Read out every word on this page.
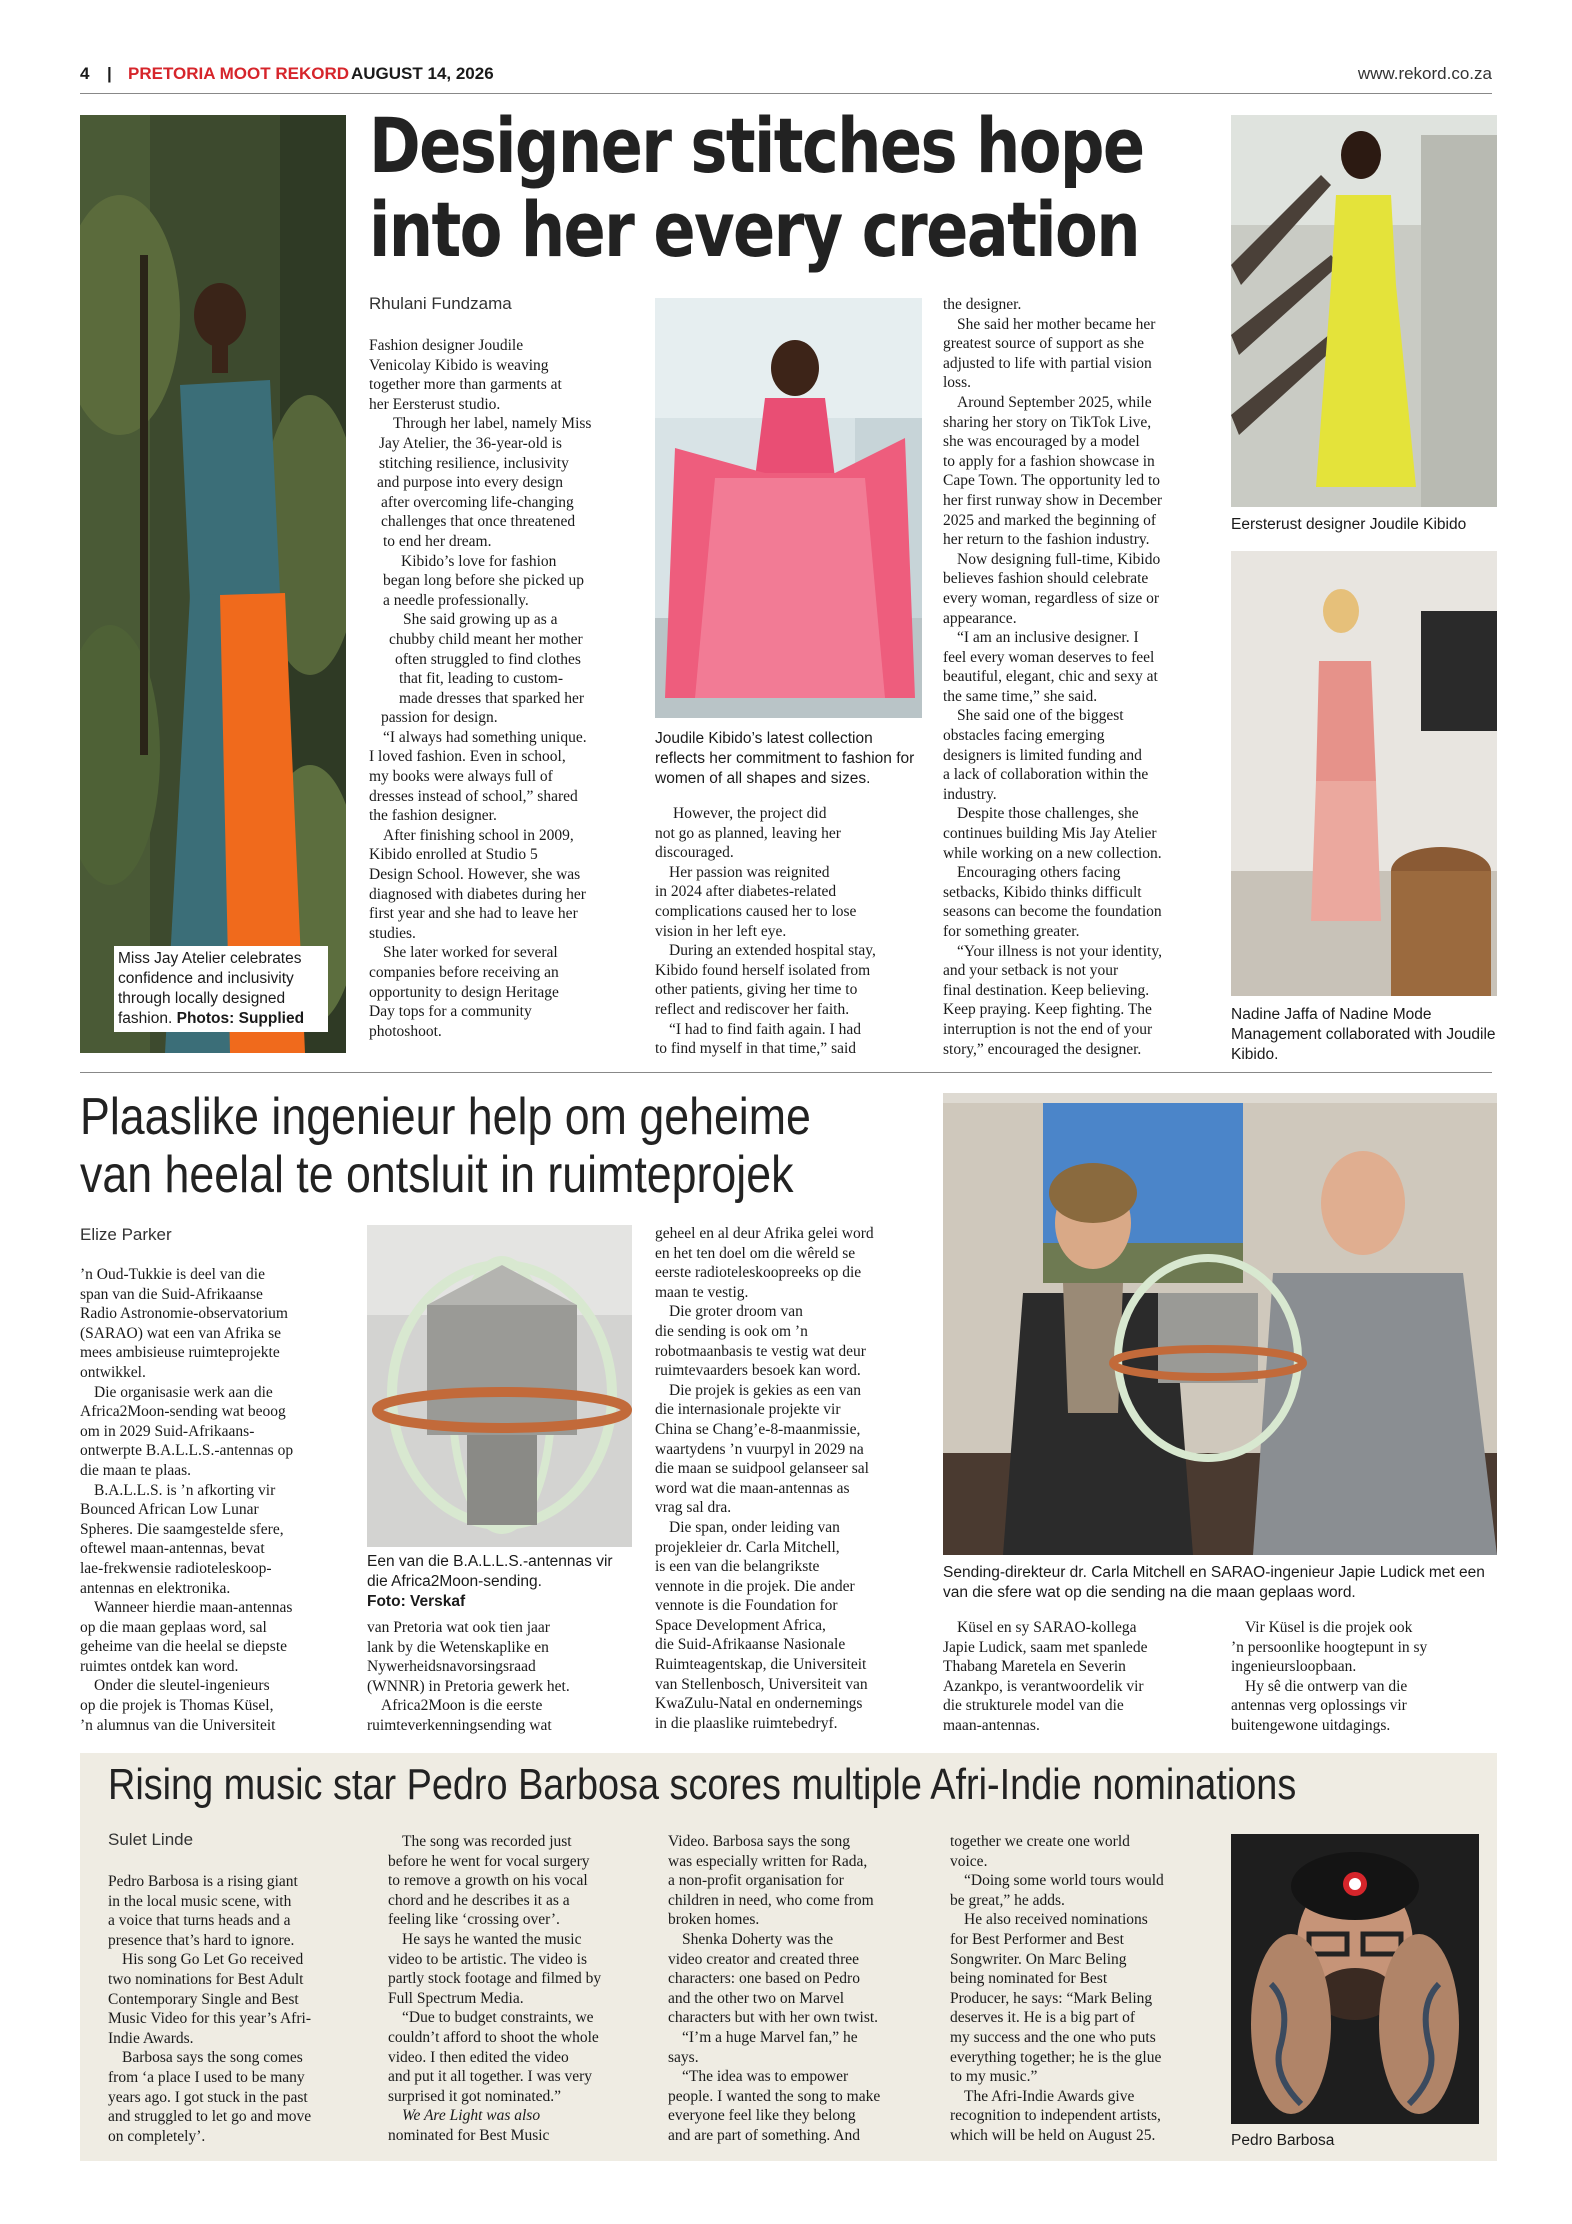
4 | PRETORIA MOOT REKORD AUGUST 14, 2026	www.rekord.co.za
Miss Jay Atelier celebrates confidence and inclusivity through locally designed fashion. Photos: Supplied
Designer stitches hope
into her every creation
Rhulani Fundzama
Fashion designer Joudile
Venicolay Kibido is weaving
together more than garments at
her Eersterust studio.
Through her label, namely Miss
Jay Atelier, the 36-year-old is
stitching resilience, inclusivity
and purpose into every design
after overcoming life-changing
challenges that once threatened
to end her dream.
Kibido’s love for fashion
began long before she picked up
a needle professionally.
She said growing up as a
chubby child meant her mother
often struggled to find clothes
that fit, leading to custom-
made dresses that sparked her
passion for design.
“I always had something unique.
I loved fashion. Even in school,
my books were always full of
dresses instead of school,” shared
the fashion designer.
After finishing school in 2009,
Kibido enrolled at Studio 5
Design School. However, she was
diagnosed with diabetes during her
first year and she had to leave her
studies.
She later worked for several
companies before receiving an
opportunity to design Heritage
Day tops for a community
photoshoot.
Joudile Kibido’s latest collection reflects her commitment to fashion for women of all shapes and sizes.
However, the project did
not go as planned, leaving her
discouraged.
Her passion was reignited
in 2024 after diabetes-related
complications caused her to lose
vision in her left eye.
During an extended hospital stay,
Kibido found herself isolated from
other patients, giving her time to
reflect and rediscover her faith.
“I had to find faith again. I had
to find myself in that time,” said
the designer.
She said her mother became her
greatest source of support as she
adjusted to life with partial vision
loss.
Around September 2025, while
sharing her story on TikTok Live,
she was encouraged by a model
to apply for a fashion showcase in
Cape Town. The opportunity led to
her first runway show in December
2025 and marked the beginning of
her return to the fashion industry.
Now designing full-time, Kibido
believes fashion should celebrate
every woman, regardless of size or
appearance.
“I am an inclusive designer. I
feel every woman deserves to feel
beautiful, elegant, chic and sexy at
the same time,” she said.
She said one of the biggest
obstacles facing emerging
designers is limited funding and
a lack of collaboration within the
industry.
Despite those challenges, she
continues building Mis Jay Atelier
while working on a new collection.
Encouraging others facing
setbacks, Kibido thinks difficult
seasons can become the foundation
for something greater.
“Your illness is not your identity,
and your setback is not your
final destination. Keep believing.
Keep praying. Keep fighting. The
interruption is not the end of your
story,” encouraged the designer.
Eersterust designer Joudile Kibido
Nadine Jaffa of Nadine Mode Management collaborated with Joudile Kibido.
Plaaslike ingenieur help om geheime
van heelal te ontsluit in ruimteprojek
Elize Parker
’n Oud-Tukkie is deel van die
span van die Suid-Afrikaanse
Radio Astronomie-observatorium
(SARAO) wat een van Afrika se
mees ambisieuse ruimteprojekte
ontwikkel.
Die organisasie werk aan die
Africa2Moon-sending wat beoog
om in 2029 Suid-Afrikaans-
ontwerpte B.A.L.L.S.-antennas op
die maan te plaas.
B.A.L.L.S. is ’n afkorting vir
Bounced African Low Lunar
Spheres. Die saamgestelde sfere,
oftewel maan-antennas, bevat
lae-frekwensie radioteleskoop-
antennas en elektronika.
Wanneer hierdie maan-antennas
op die maan geplaas word, sal
geheime van die heelal se diepste
ruimtes ontdek kan word.
Onder die sleutel-ingenieurs
op die projek is Thomas Küsel,
’n alumnus van die Universiteit
Een van die B.A.L.L.S.-antennas vir die Africa2Moon-sending.
Foto: Verskaf
van Pretoria wat ook tien jaar
lank by die Wetenskaplike en
Nywerheidsnavorsingsraad
(WNNR) in Pretoria gewerk het.
Africa2Moon is die eerste
ruimteverkenningsending wat
geheel en al deur Afrika gelei word
en het ten doel om die wêreld se
eerste radioteleskoopreeks op die
maan te vestig.
Die groter droom van
die sending is ook om ’n
robotmaanbasis te vestig wat deur
ruimtevaarders besoek kan word.
Die projek is gekies as een van
die internasionale projekte vir
China se Chang’e-8-maanmissie,
waartydens ’n vuurpyl in 2029 na
die maan se suidpool gelanseer sal
word wat die maan-antennas as
vrag sal dra.
Die span, onder leiding van
projekleier dr. Carla Mitchell,
is een van die belangrikste
vennote in die projek. Die ander
vennote is die Foundation for
Space Development Africa,
die Suid-Afrikaanse Nasionale
Ruimteagentskap, die Universiteit
van Stellenbosch, Universiteit van
KwaZulu-Natal en ondernemings
in die plaaslike ruimtebedryf.
Sending-direkteur dr. Carla Mitchell en SARAO-ingenieur Japie Ludick met een van die sfere wat op die sending na die maan geplaas word.
Küsel en sy SARAO-kollega
Japie Ludick, saam met spanlede
Thabang Maretela en Severin
Azankpo, is verantwoordelik vir
die strukturele model van die
maan-antennas.
Vir Küsel is die projek ook
’n persoonlike hoogtepunt in sy
ingenieursloopbaan.
Hy sê die ontwerp van die
antennas verg oplossings vir
buitengewone uitdagings.
Rising music star Pedro Barbosa scores multiple Afri-Indie nominations
Sulet Linde
Pedro Barbosa is a rising giant
in the local music scene, with
a voice that turns heads and a
presence that’s hard to ignore.
His song Go Let Go received
two nominations for Best Adult
Contemporary Single and Best
Music Video for this year’s Afri-
Indie Awards.
Barbosa says the song comes
from ‘a place I used to be many
years ago. I got stuck in the past
and struggled to let go and move
on completely’.
The song was recorded just
before he went for vocal surgery
to remove a growth on his vocal
chord and he describes it as a
feeling like ‘crossing over’.
He says he wanted the music
video to be artistic. The video is
partly stock footage and filmed by
Full Spectrum Media.
“Due to budget constraints, we
couldn’t afford to shoot the whole
video. I then edited the video
and put it all together. I was very
surprised it got nominated.”
We Are Light was also
nominated for Best Music
Video. Barbosa says the song
was especially written for Rada,
a non-profit organisation for
children in need, who come from
broken homes.
Shenka Doherty was the
video creator and created three
characters: one based on Pedro
and the other two on Marvel
characters but with her own twist.
“I’m a huge Marvel fan,” he
says.
“The idea was to empower
people. I wanted the song to make
everyone feel like they belong
and are part of something. And
together we create one world
voice.
“Doing some world tours would
be great,” he adds.
He also received nominations
for Best Performer and Best
Songwriter. On Marc Beling
being nominated for Best
Producer, he says: “Mark Beling
deserves it. He is a big part of
my success and the one who puts
everything together; he is the glue
to my music.”
The Afri-Indie Awards give
recognition to independent artists,
which will be held on August 25.	Pedro Barbosa
